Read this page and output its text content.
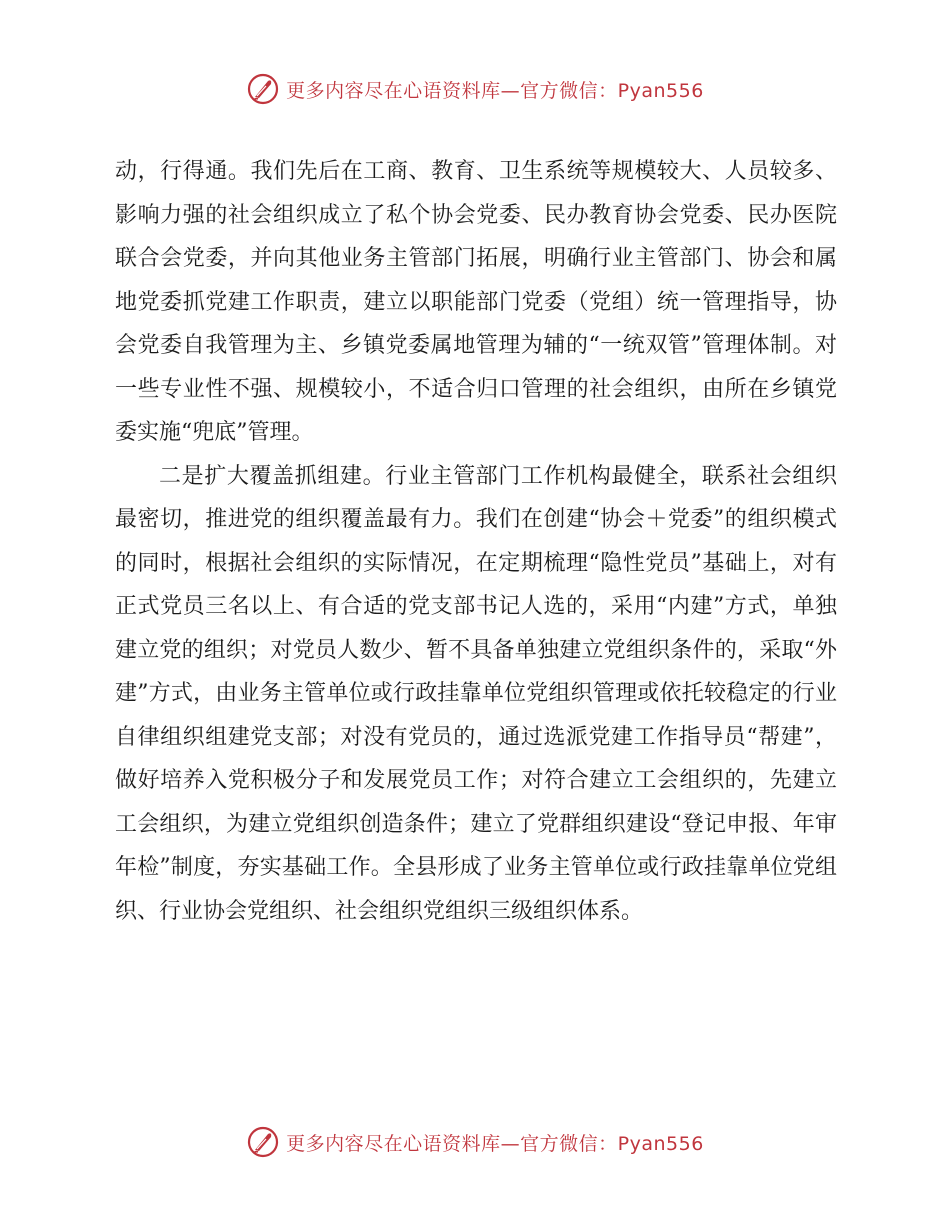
更多内容尽在心语资料库—官方微信：Pyan556

动，行得通。我们先后在工商、教育、卫生系统等规模较大、人员较多、影响力强的社会组织成立了私个协会党委、民办教育协会党委、民办医院联合会党委，并向其他业务主管部门拓展，明确行业主管部门、协会和属地党委抓党建工作职责，建立以职能部门党委（党组）统一管理指导，协会党委自我管理为主、乡镇党委属地管理为辅的“一统双管”管理体制。对一些专业性不强、规模较小，不适合归口管理的社会组织，由所在乡镇党委实施“兜底”管理。

二是扩大覆盖抓组建。行业主管部门工作机构最健全，联系社会组织最密切，推进党的组织覆盖最有力。我们在创建“协会＋党委”的组织模式的同时，根据社会组织的实际情况，在定期梳理“隐性党员”基础上，对有正式党员三名以上、有合适的党支部书记人选的，采用“内建”方式，单独建立党的组织；对党员人数少、暂不具备单独建立党组织条件的，采取“外建”方式，由业务主管单位或行政挂靠单位党组织管理或依托较稳定的行业自律组织组建党支部；对没有党员的，通过选派党建工作指导员“帮建”，做好培养入党积极分子和发展党员工作；对符合建立工会组织的，先建立工会组织，为建立党组织创造条件；建立了党群组织建设“登记申报、年审年检”制度，夯实基础工作。全县形成了业务主管单位或行政挂靠单位党组织、行业协会党组织、社会组织党组织三级组织体系。

更多内容尽在心语资料库—官方微信：Pyan556
